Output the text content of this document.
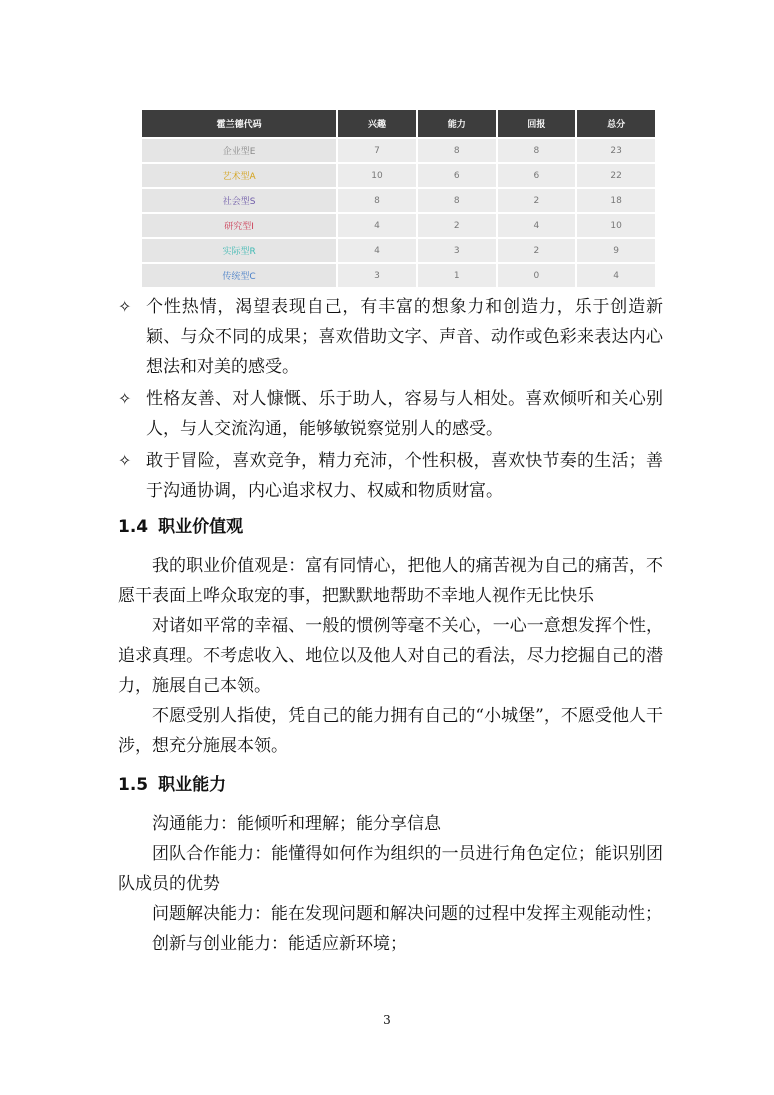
霍兰德代码	兴趣	能力	回报	总分
企业型E	7	8	8	23
艺术型A	10	6	6	22
社会型S	8	8	2	18
研究型I	4	2	4	10
实际型R	4	3	2	9
传统型C	3	1	0	4
✧ 个性热情，渴望表现自己，有丰富的想象力和创造力，乐于创造新颖、与众不同的成果；喜欢借助文字、声音、动作或色彩来表达内心想法和对美的感受。
✧ 性格友善、对人慷慨、乐于助人，容易与人相处。喜欢倾听和关心别人，与人交流沟通，能够敏锐察觉别人的感受。
✧ 敢于冒险，喜欢竞争，精力充沛，个性积极，喜欢快节奏的生活；善于沟通协调，内心追求权力、权威和物质财富。
1.4 职业价值观

我的职业价值观是：富有同情心，把他人的痛苦视为自己的痛苦，不愿干表面上哗众取宠的事，把默默地帮助不幸地人视作无比快乐

对诸如平常的幸福、一般的惯例等毫不关心，一心一意想发挥个性，追求真理。不考虑收入、地位以及他人对自己的看法，尽力挖掘自己的潜力，施展自己本领。

不愿受别人指使，凭自己的能力拥有自己的“小城堡”，不愿受他人干涉，想充分施展本领。

1.5 职业能力

沟通能力：能倾听和理解；能分享信息

团队合作能力：能懂得如何作为组织的一员进行角色定位；能识别团队成员的优势

问题解决能力：能在发现问题和解决问题的过程中发挥主观能动性；

创新与创业能力：能适应新环境；

3
